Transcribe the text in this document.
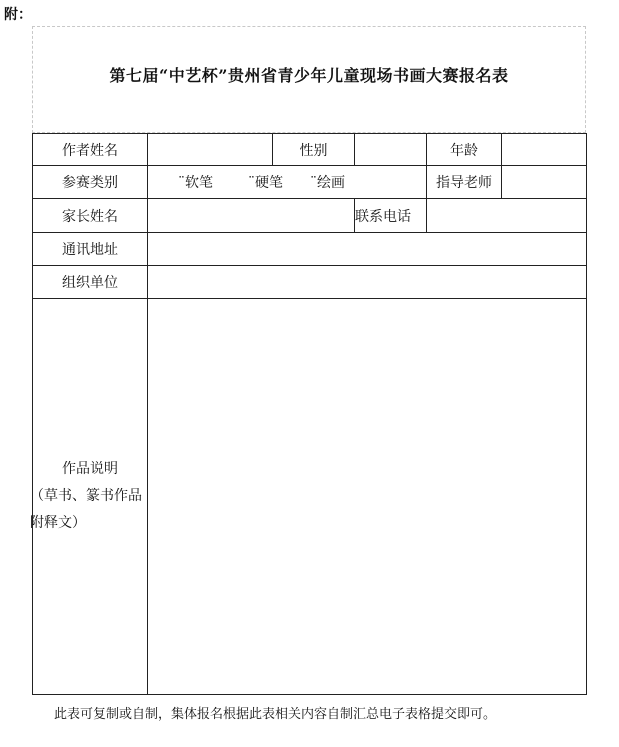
附：
第七届“中艺杯”贵州省青少年儿童现场书画大赛报名表
作者姓名	性别	年龄
参赛类别	¨软笔	¨硬笔 ¨绘画	指导老师
家长姓名	联系电话
通讯地址
组织单位
作品说明
（草书、篆书作品
附释文）
此表可复制或自制，集体报名根据此表相关内容自制汇总电子表格提交即可。
